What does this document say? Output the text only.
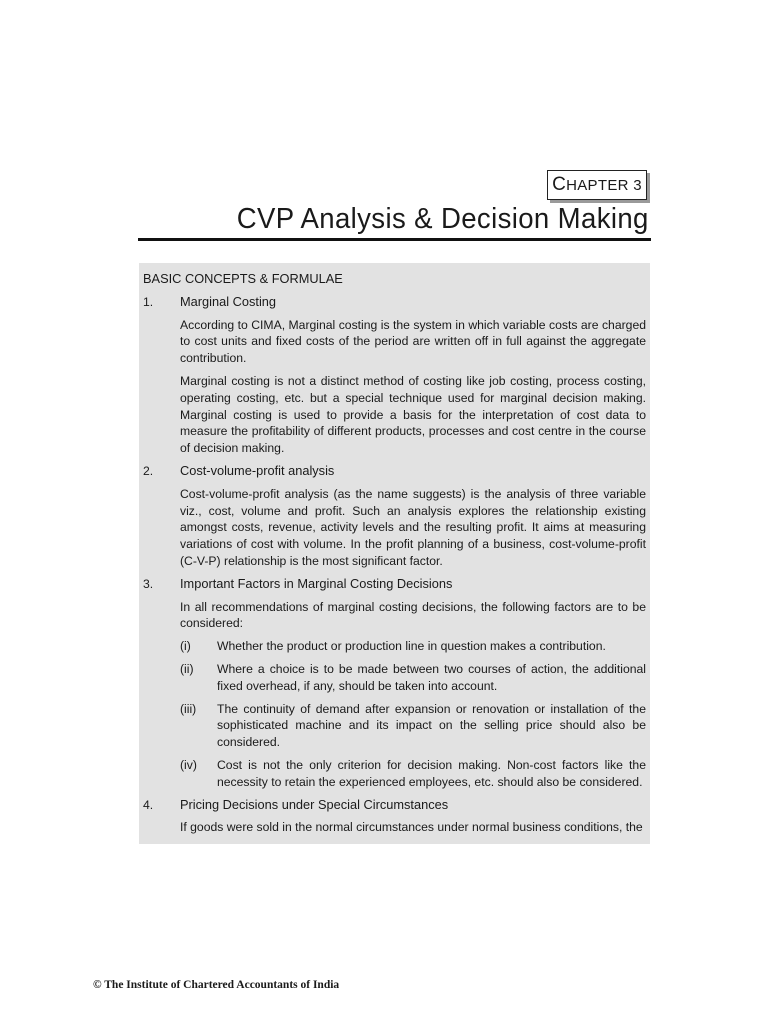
CHAPTER 3
CVP Analysis & Decision Making
BASIC CONCEPTS & FORMULAE
1. Marginal Costing
According to CIMA, Marginal costing is the system in which variable costs are charged to cost units and fixed costs of the period are written off in full against the aggregate contribution.
Marginal costing is not a distinct method of costing like job costing, process costing, operating costing, etc. but a special technique used for marginal decision making. Marginal costing is used to provide a basis for the interpretation of cost data to measure the profitability of different products, processes and cost centre in the course of decision making.
2. Cost-volume-profit analysis
Cost-volume-profit analysis (as the name suggests) is the analysis of three variable viz., cost, volume and profit. Such an analysis explores the relationship existing amongst costs, revenue, activity levels and the resulting profit. It aims at measuring variations of cost with volume. In the profit planning of a business, cost-volume-profit (C-V-P) relationship is the most significant factor.
3. Important Factors in Marginal Costing Decisions
In all recommendations of marginal costing decisions, the following factors are to be considered:
(i) Whether the product or production line in question makes a contribution.
(ii) Where a choice is to be made between two courses of action, the additional fixed overhead, if any, should be taken into account.
(iii) The continuity of demand after expansion or renovation or installation of the sophisticated machine and its impact on the selling price should also be considered.
(iv) Cost is not the only criterion for decision making. Non-cost factors like the necessity to retain the experienced employees, etc. should also be considered.
4. Pricing Decisions under Special Circumstances
If goods were sold in the normal circumstances under normal business conditions, the
© The Institute of Chartered Accountants of India
